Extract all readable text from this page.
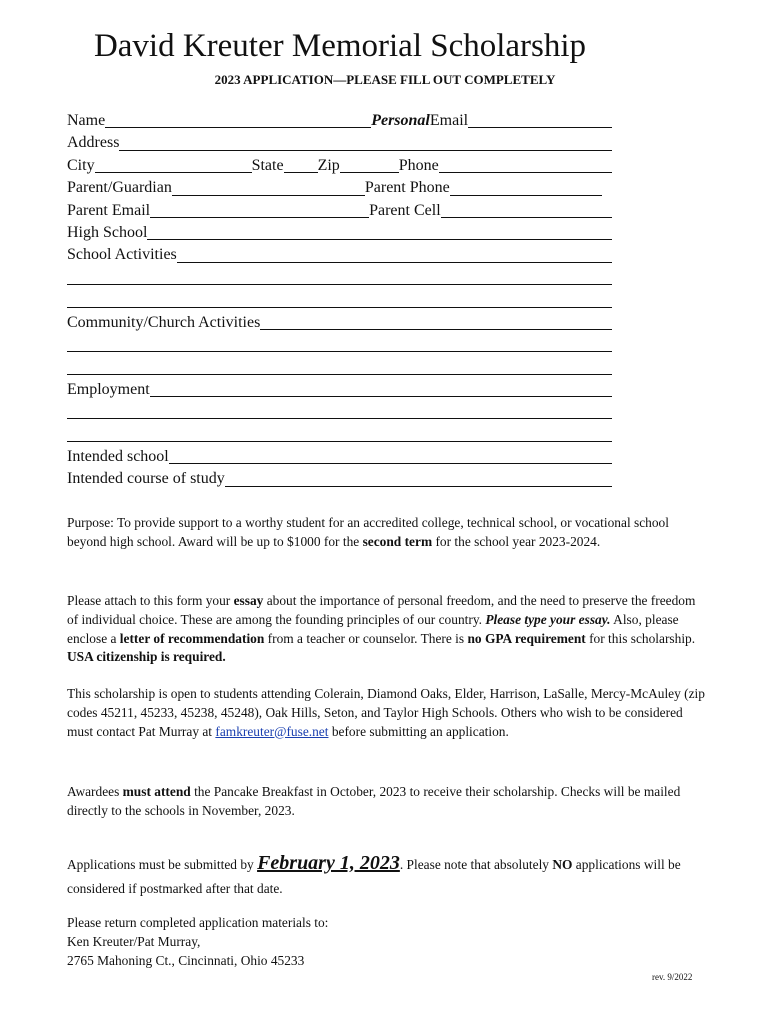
David Kreuter Memorial Scholarship
2023 APPLICATION—PLEASE FILL OUT COMPLETELY
Name	Personal Email
Address
City	State Zip	Phone
Parent/Guardian	Parent Phone
Parent Email	Parent Cell
High School
School Activities
Community/Church Activities
Employment
Intended school
Intended course of study
Purpose: To provide support to a worthy student for an accredited college, technical school, or vocational school beyond high school. Award will be up to $1000 for the second term for the school year 2023-2024.
Please attach to this form your essay about the importance of personal freedom, and the need to preserve the freedom of individual choice. These are among the founding principles of our country. Please type your essay. Also, please enclose a letter of recommendation from a teacher or counselor. There is no GPA requirement for this scholarship. USA citizenship is required.
This scholarship is open to students attending Colerain, Diamond Oaks, Elder, Harrison, LaSalle, Mercy-McAuley (zip codes 45211, 45233, 45238, 45248), Oak Hills, Seton, and Taylor High Schools. Others who wish to be considered must contact Pat Murray at famkreuter@fuse.net before submitting an application.
Awardees must attend the Pancake Breakfast in October, 2023 to receive their scholarship. Checks will be mailed directly to the schools in November, 2023.
Applications must be submitted by February 1, 2023. Please note that absolutely NO applications will be considered if postmarked after that date.
Please return completed application materials to:
Ken Kreuter/Pat Murray,
2765 Mahoning Ct., Cincinnati, Ohio 45233
rev. 9/2022
